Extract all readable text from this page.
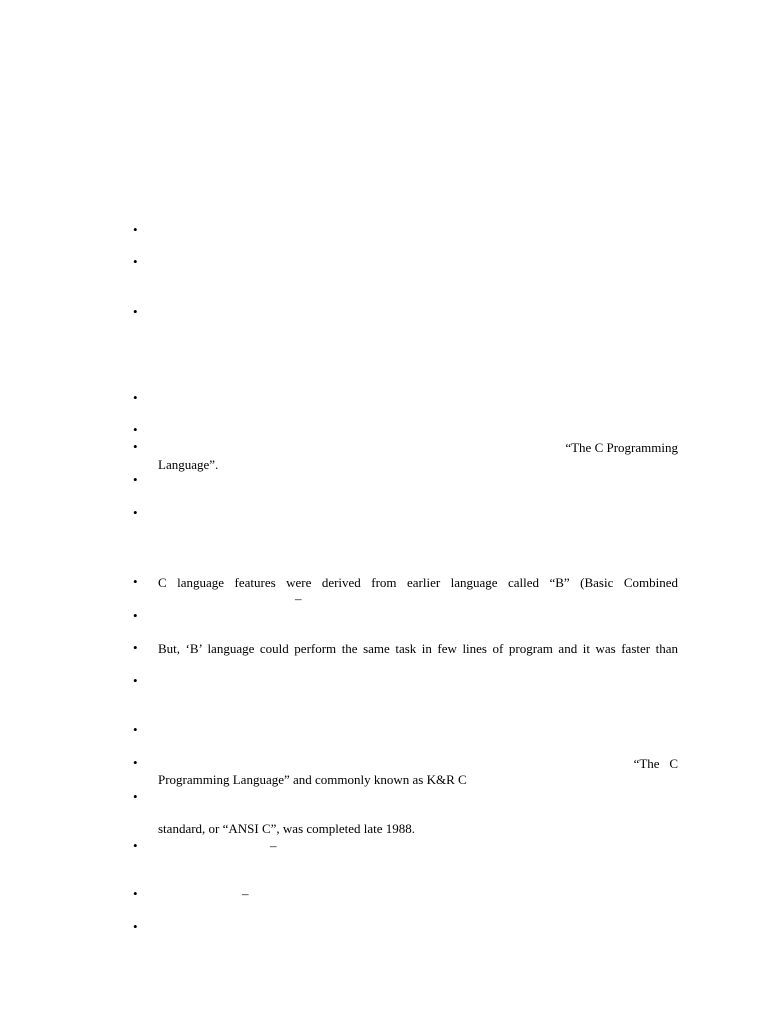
•
•
•
•
•
•
•
•
•
•
•
•
•
•
•
•
•
•
“The C Programming
Language”.
C language features were derived from earlier language called “B” (Basic Combined
–
But, ‘B’ language could perform the same task in few lines of program and it was faster than
“The   C
Programming Language” and commonly known as K&R C
standard, or “ANSI C”, was completed late 1988.
–
–
